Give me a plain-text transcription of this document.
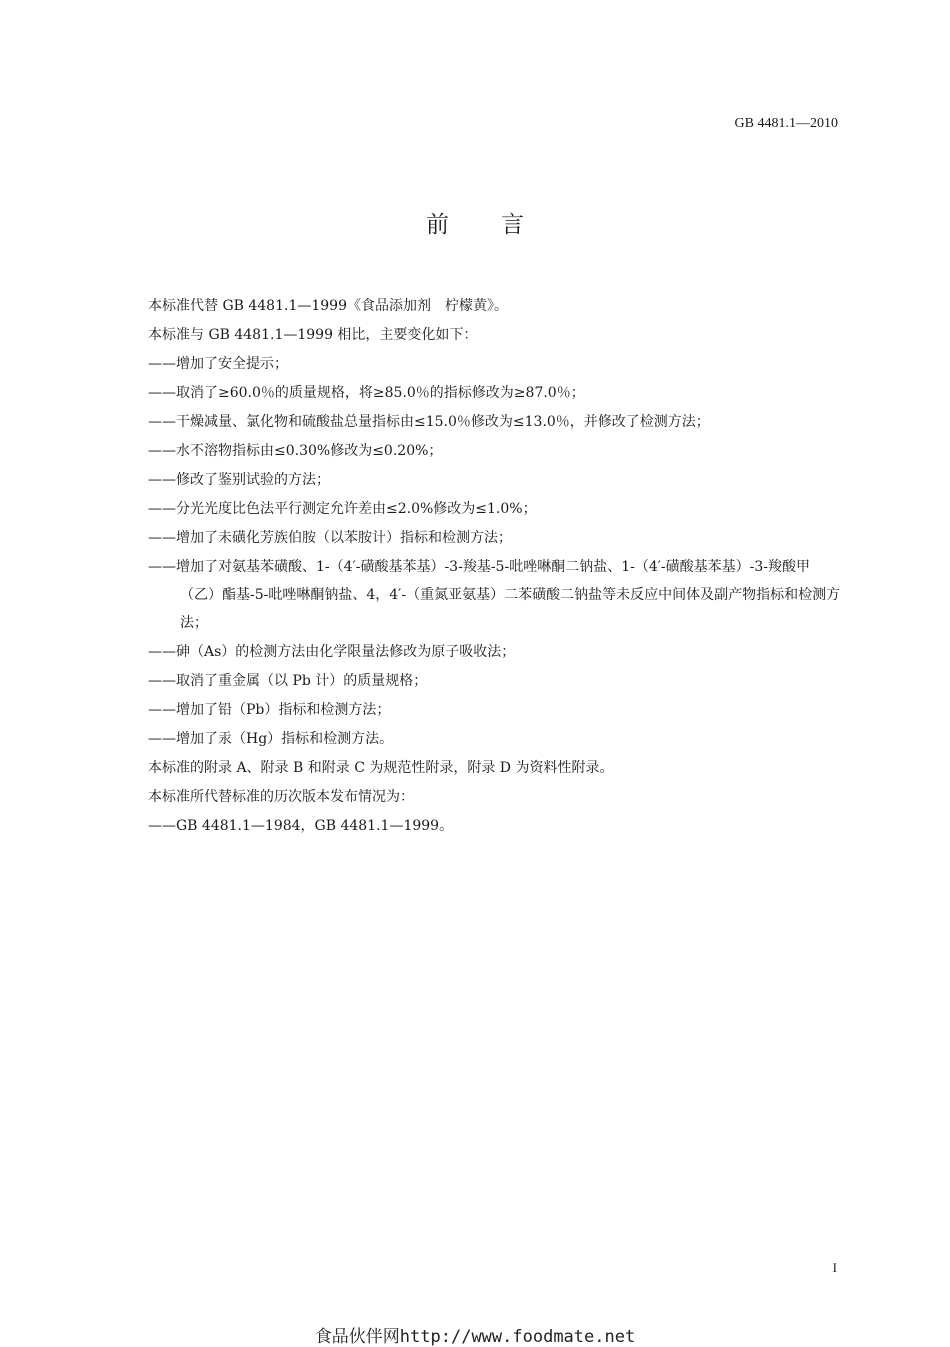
GB 4481.1—2010
前言

本标准代替 GB 4481.1—1999《食品添加剂　柠檬黄》。

本标准与 GB 4481.1—1999 相比，主要变化如下：

——增加了安全提示；

——取消了≥60.0％的质量规格，将≥85.0％的指标修改为≥87.0％；

——干燥减量、氯化物和硫酸盐总量指标由≤15.0％修改为≤13.0％，并修改了检测方法；

——水不溶物指标由≤0.30%修改为≤0.20%；

——修改了鉴别试验的方法；

——分光光度比色法平行测定允许差由≤2.0%修改为≤1.0%；

——增加了未磺化芳族伯胺（以苯胺计）指标和检测方法；

——增加了对氨基苯磺酸、1-（4′-磺酸基苯基）-3-羧基-5-吡唑啉酮二钠盐、1-（4′-磺酸基苯基）-3-羧酸甲（乙）酯基-5-吡唑啉酮钠盐、4，4′-（重氮亚氨基）二苯磺酸二钠盐等未反应中间体及副产物指标和检测方法；

——砷（As）的检测方法由化学限量法修改为原子吸收法；

——取消了重金属（以 Pb 计）的质量规格；

——增加了铅（Pb）指标和检测方法；

——增加了汞（Hg）指标和检测方法。

本标准的附录 A、附录 B 和附录 C 为规范性附录，附录 D 为资料性附录。

本标准所代替标准的历次版本发布情况为：

——GB 4481.1—1984，GB 4481.1—1999。

I
食品伙伴网http://www.foodmate.net
